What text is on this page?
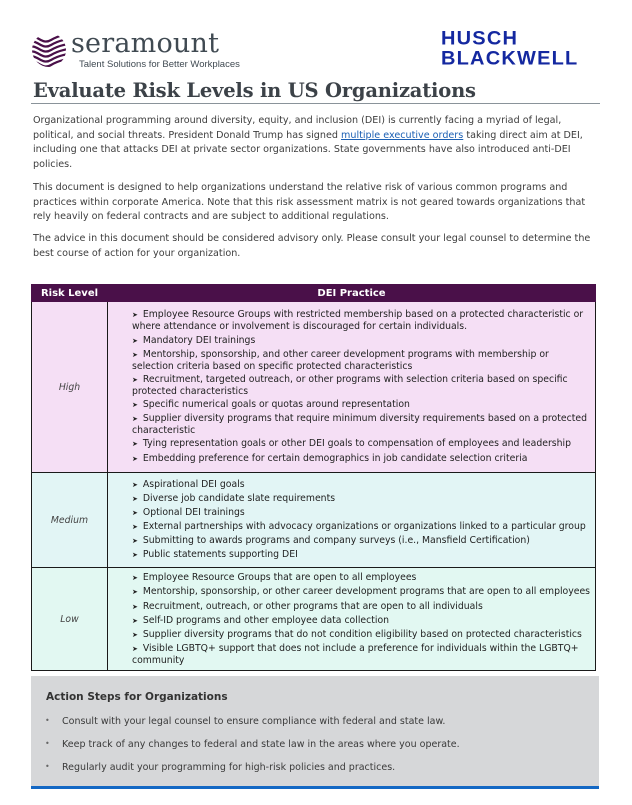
seramount
Talent Solutions for Better Workplaces
HUSCH
BLACKWELL
Evaluate Risk Levels in US Organizations

Organizational programming around diversity, equity, and inclusion (DEI) is currently facing a myriad of legal, political, and social threats. President Donald Trump has signed multiple executive orders taking direct aim at DEI, including one that attacks DEI at private sector organizations. State governments have also introduced anti-DEI policies.

This document is designed to help organizations understand the relative risk of various common programs and practices within corporate America. Note that this risk assessment matrix is not geared towards organizations that rely heavily on federal contracts and are subject to additional regulations.

The advice in this document should be considered advisory only. Please consult your legal counsel to determine the best course of action for your organization.

Risk Level	DEI Practice
High	
➤ Employee Resource Groups with restricted membership based on a protected characteristic or where attendance or involvement is discouraged for certain individuals.
➤ Mandatory DEI trainings
➤ Mentorship, sponsorship, and other career development programs with membership or selection criteria based on specific protected characteristics
➤ Recruitment, targeted outreach, or other programs with selection criteria based on specific protected characteristics
➤ Specific numerical goals or quotas around representation
➤ Supplier diversity programs that require minimum diversity requirements based on a protected characteristic
➤ Tying representation goals or other DEI goals to compensation of employees and leadership
➤ Embedding preference for certain demographics in job candidate selection criteria

Medium	
➤ Aspirational DEI goals
➤ Diverse job candidate slate requirements
➤ Optional DEI trainings
➤ External partnerships with advocacy organizations or organizations linked to a particular group
➤ Submitting to awards programs and company surveys (i.e., Mansfield Certification)
➤ Public statements supporting DEI

Low	
➤ Employee Resource Groups that are open to all employees
➤ Mentorship, sponsorship, or other career development programs that are open to all employees
➤ Recruitment, outreach, or other programs that are open to all individuals
➤ Self-ID programs and other employee data collection
➤ Supplier diversity programs that do not condition eligibility based on protected characteristics
➤ Visible LGBTQ+ support that does not include a preference for individuals within the LGBTQ+ community
Action Steps for Organizations
•	Consult with your legal counsel to ensure compliance with federal and state law.
•	Keep track of any changes to federal and state law in the areas where you operate.
•	Regularly audit your programming for high-risk policies and practices.
